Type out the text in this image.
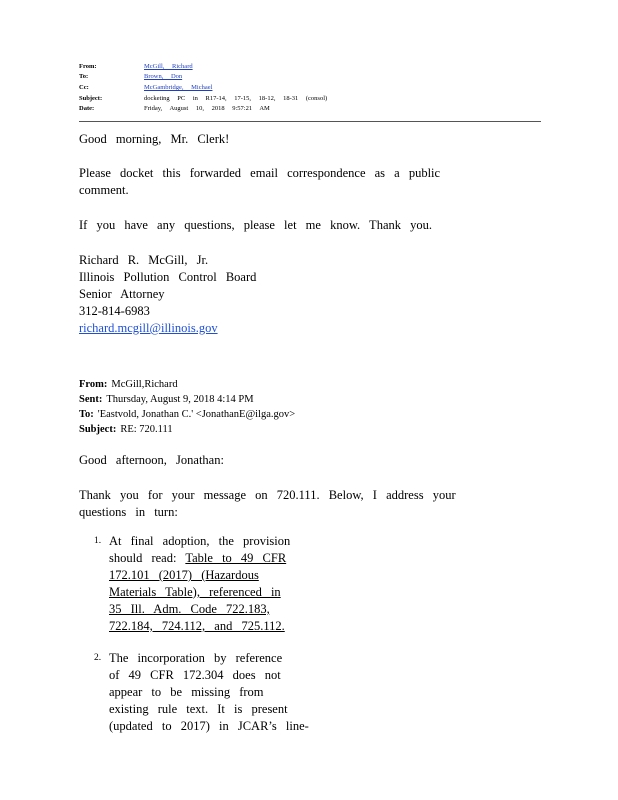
From:	McGill, Richard
To:	Brown, Don
Cc:	McGambridge, Michael
Subject:	docketing PC in R17-14, 17-15, 18-12, 18-31 (consol)
Date:	Friday, August 10, 2018 9:57:21 AM
Good morning, Mr. Clerk!
Please docket this forwarded email correspondence as a public
comment.
If you have any questions, please let me know. Thank you.
Richard R. McGill, Jr.
Illinois Pollution Control Board
Senior Attorney
312-814-6983
richard.mcgill@illinois.gov
From: McGill,Richard
Sent: Thursday, August 9, 2018 4:14 PM
To: 'Eastvold, Jonathan C.' <JonathanE@ilga.gov>
Subject: RE: 720.111
Good afternoon, Jonathan:
Thank you for your message on 720.111. Below, I address your
questions in turn:
1. At final adoption, the provision
should read: Table to 49 CFR
172.101 (2017) (Hazardous
Materials Table), referenced in
35 Ill. Adm. Code 722.183,
722.184, 724.112, and 725.112.
2. The incorporation by reference
of 49 CFR 172.304 does not
appear to be missing from
existing rule text. It is present
(updated to 2017) in JCAR’s line-
